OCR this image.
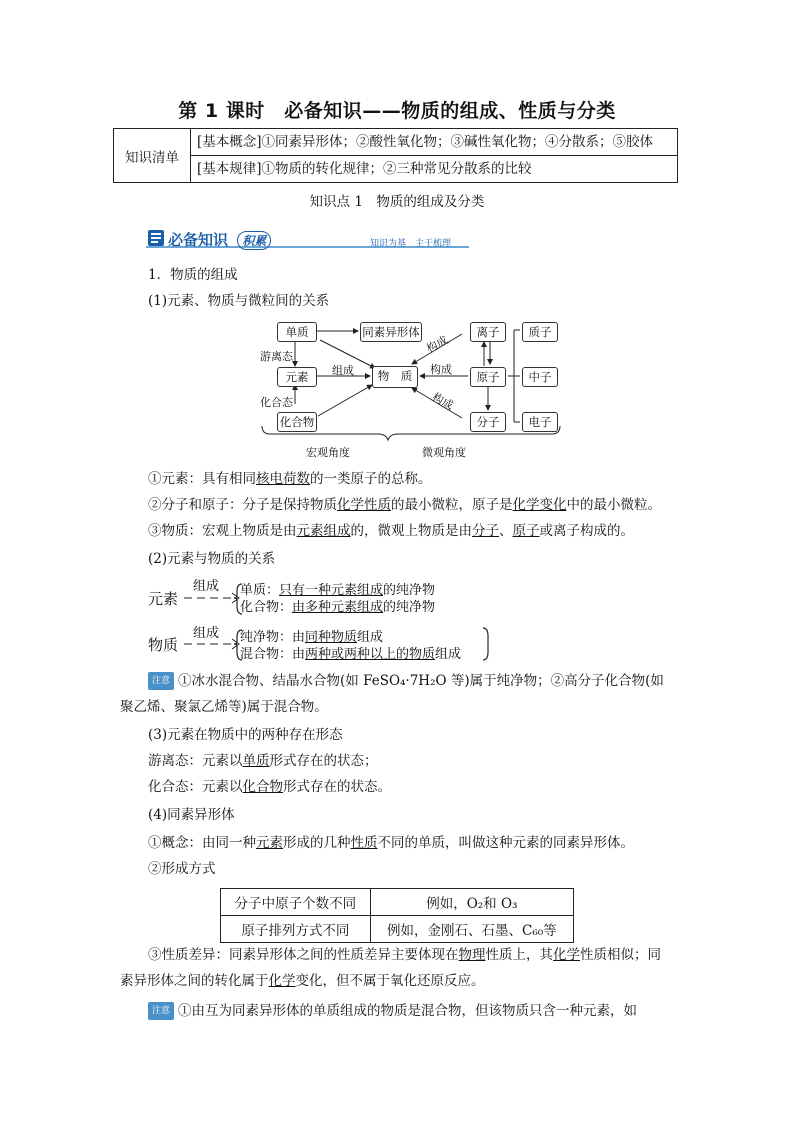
第 1 课时　必备知识——物质的组成、性质与分类
知识清单	[基本概念]①同素异形体；②酸性氧化物；③碱性氧化物；④分散系；⑤胶体
[基本规律]①物质的转化规律；②三种常见分散系的比较
知识点 1　物质的组成及分类
必备知识 积累	知识为基　主干梳理
1．物质的组成
(1)元素、物质与微粒间的关系
单质	同素异形体
元素
化合物
物　质
离子
原子
分子
质子
中子
电子
游离态
化合态
组成
构成
构成
构成
宏观角度	微观角度
①元素：具有相同核电荷数的一类原子的总称。
②分子和原子：分子是保持物质化学性质的最小微粒，原子是化学变化中的最小微粒。
③物质：宏观上物质是由元素组成的，微观上物质是由分子、原子或离子构成的。
(2)元素与物质的关系
元素
组成 单质：只有一种元素组成的纯净物
化合物：由多种元素组成的纯净物
物质
组成 纯净物：由同种物质组成
混合物：由两种或两种以上的物质组成
注意 ①冰水混合物、结晶水合物(如 FeSO₄·7H₂O 等)属于纯净物；②高分子化合物(如
聚乙烯、聚氯乙烯等)属于混合物。
(3)元素在物质中的两种存在形态
游离态：元素以单质形式存在的状态；
化合态：元素以化合物形式存在的状态。
(4)同素异形体
①概念：由同一种元素形成的几种性质不同的单质，叫做这种元素的同素异形体。
②形成方式
分子中原子个数不同	例如，O₂和 O₃
原子排列方式不同	例如，金刚石、石墨、C₆₀等
③性质差异：同素异形体之间的性质差异主要体现在物理性质上，其化学性质相似；同
素异形体之间的转化属于化学变化，但不属于氧化还原反应。
注意 ①由互为同素异形体的单质组成的物质是混合物，但该物质只含一种元素，如
